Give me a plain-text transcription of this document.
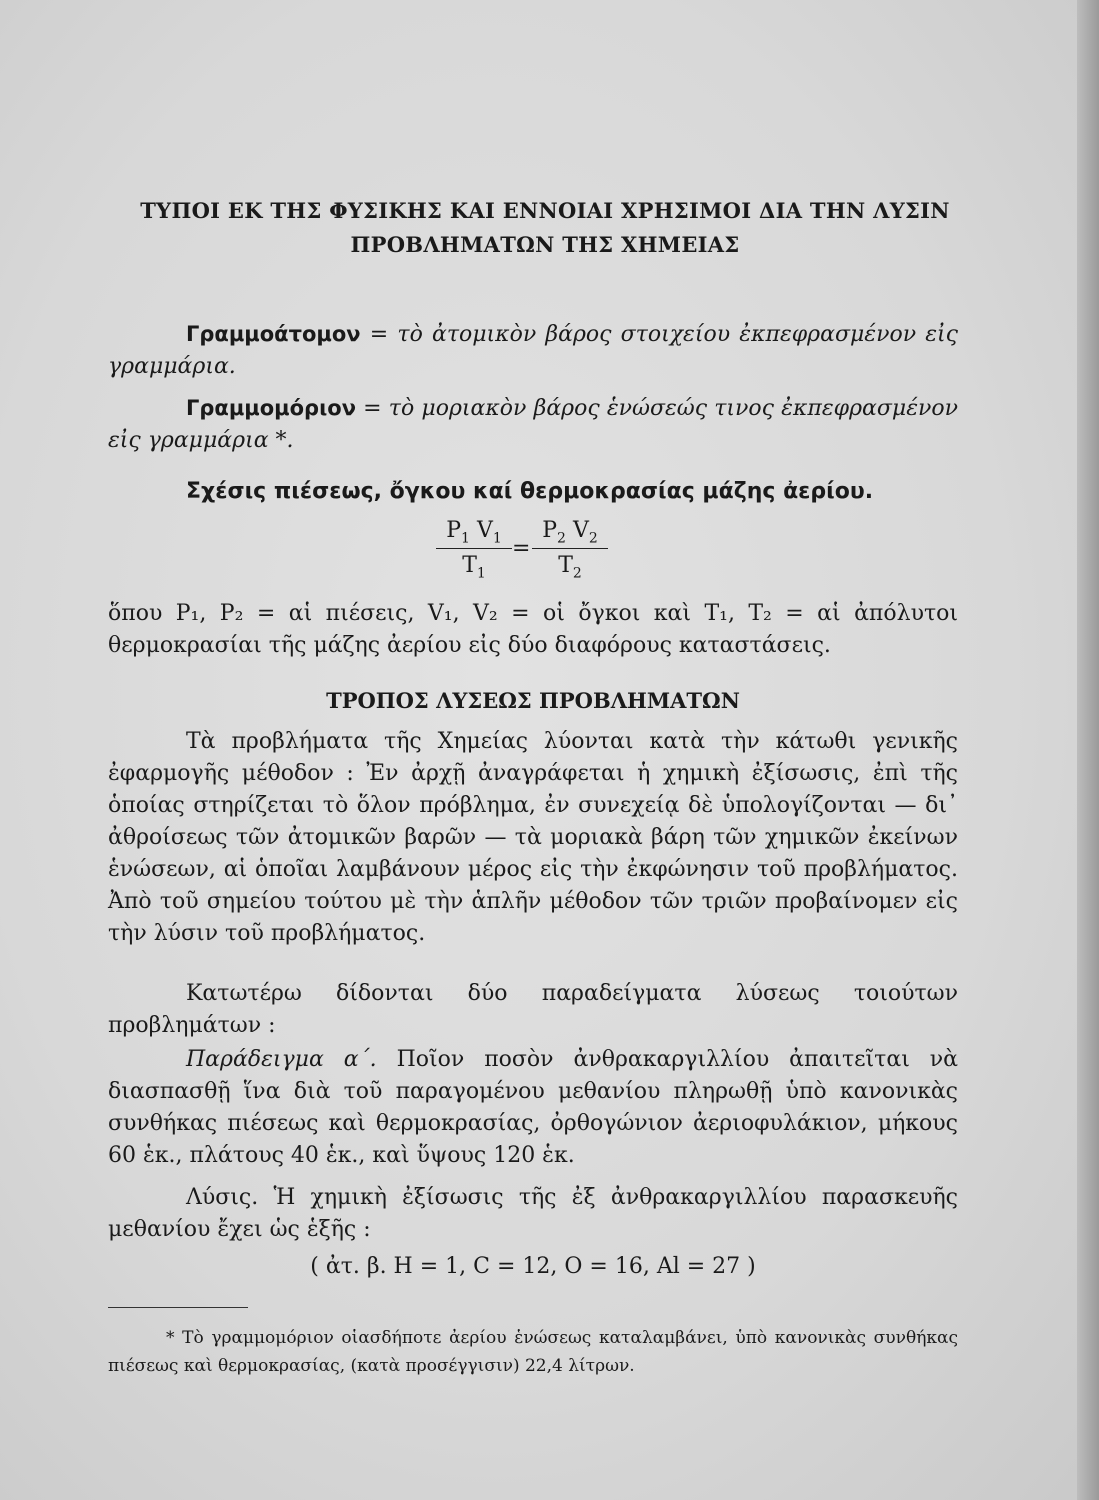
ΤΥΠΟΙ ΕΚ ΤΗΣ ΦΥΣΙΚΗΣ ΚΑΙ ΕΝΝΟΙΑΙ ΧΡΗΣΙΜΟΙ ΔΙΑ ΤΗΝ ΛΥΣΙΝ
ΠΡΟΒΛΗΜΑΤΩΝ ΤΗΣ ΧΗΜΕΙΑΣ
Γραμμοάτομον = τὸ ἀτομικὸν βάρος στοιχείου ἐκπεφρασμένον εἰς γραμμάρια.
Γραμμομόριον = τὸ μοριακὸν βάρος ἑνώσεώς τινος ἐκπεφρασμένον εἰς γραμμάρια *.
Σχέσις πιέσεως, ὄγκου καί θερμοκρασίας μάζης ἀερίου.
$\frac{P_1 V_1}{T_1} = \frac{P_2 V_2}{T_2}$
ὅπου P₁, P₂ = αἱ πιέσεις, V₁, V₂ = οἱ ὄγκοι καὶ T₁, T₂ = αἱ ἀπόλυτοι θερμοκρασίαι τῆς μάζης ἀερίου εἰς δύο διαφόρους καταστάσεις.
ΤΡΟΠΟΣ ΛΥΣΕΩΣ ΠΡΟΒΛΗΜΑΤΩΝ
Τὰ προβλήματα τῆς Χημείας λύονται κατὰ τὴν κάτωθι γενικῆς ἐφαρμογῆς μέθοδον : Ἐν ἀρχῇ ἀναγράφεται ἡ χημικὴ ἐξίσωσις, ἐπὶ τῆς ὁποίας στηρίζεται τὸ ὅλον πρόβλημα, ἐν συνεχείᾳ δὲ ὑπολογίζονται — δι᾽ ἀθροίσεως τῶν ἀτομικῶν βαρῶν — τὰ μοριακὰ βάρη τῶν χημικῶν ἐκείνων ἑνώσεων, αἱ ὁποῖαι λαμβάνουν μέρος εἰς τὴν ἐκφώνησιν τοῦ προβλήματος. Ἀπὸ τοῦ σημείου τούτου μὲ τὴν ἁπλῆν μέθοδον τῶν τριῶν προβαίνομεν εἰς τὴν λύσιν τοῦ προβλήματος.
Κατωτέρω δίδονται δύο παραδείγματα λύσεως τοιούτων προβλημάτων :
Παράδειγμα α΄. Ποῖον ποσὸν ἀνθρακαργιλλίου ἀπαιτεῖται νὰ διασπασθῇ ἵνα διὰ τοῦ παραγομένου μεθανίου πληρωθῇ ὑπὸ κανονικὰς συνθήκας πιέσεως καὶ θερμοκρασίας, ὀρθογώνιον ἀεριοφυλάκιον, μήκους 60 ἑκ., πλάτους 40 ἑκ., καὶ ὕψους 120 ἑκ.
Λύσις. Ἡ χημικὴ ἐξίσωσις τῆς ἐξ ἀνθρακαργιλλίου παρασκευῆς μεθανίου ἔχει ὡς ἑξῆς :
( ἀτ. β. H = 1, C = 12, O = 16, Al = 27 )
* Τὸ γραμμομόριον οἱασδήποτε ἀερίου ἑνώσεως καταλαμβάνει, ὑπὸ κανονικὰς συνθήκας πιέσεως καὶ θερμοκρασίας, (κατὰ προσέγγισιν) 22,4 λίτρων.
